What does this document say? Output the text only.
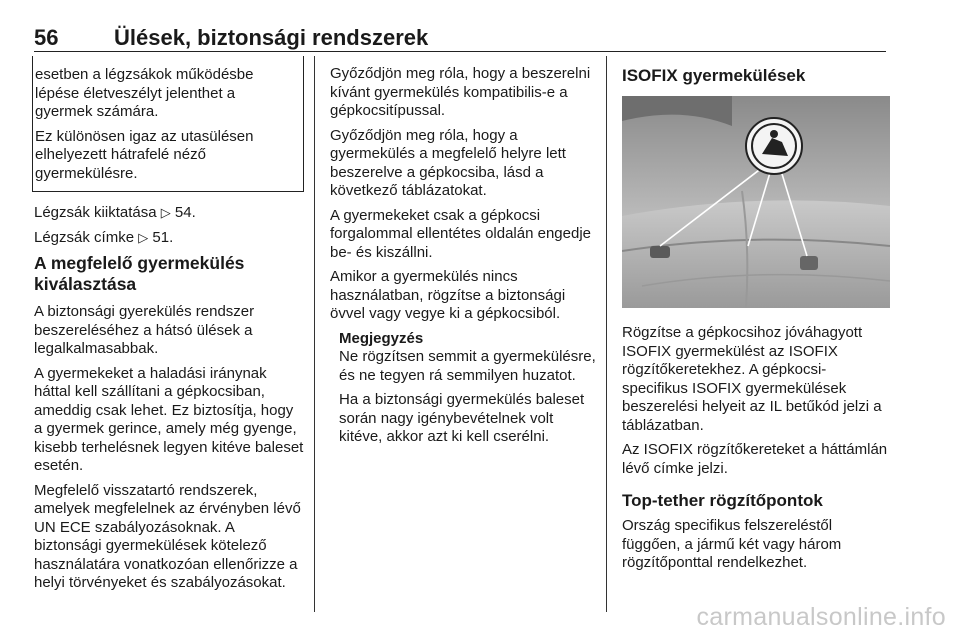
56	Ülések, biztonsági rendszerek

esetben a légzsákok működésbe lépése életveszélyt jelenthet a gyermek számára.

Ez különösen igaz az utasülésen elhelyezett hátrafelé néző gyermekülésre.

Légzsák kiiktatása ▷ 54.

Légzsák címke ▷ 51.

A megfelelő gyermekülés kiválasztása

A biztonsági gyerekülés rendszer beszereléséhez a hátsó ülések a legalkalmasabbak.

A gyermekeket a haladási iránynak háttal kell szállítani a gépkocsiban, ameddig csak lehet. Ez biztosítja, hogy a gyermek gerince, amely még gyenge, kisebb terhelésnek legyen kitéve baleset esetén.

Megfelelő visszatartó rendszerek, amelyek megfelelnek az érvényben lévő UN ECE szabályozásoknak. A biztonsági gyermekülések kötelező használatára vonatkozóan ellenőrizze a helyi törvényeket és szabályozásokat.

Győződjön meg róla, hogy a beszerelni kívánt gyermekülés kompatibilis-e a gépkocsitípussal.

Győződjön meg róla, hogy a gyermekülés a megfelelő helyre lett beszerelve a gépkocsiba, lásd a következő táblázatokat.

A gyermekeket csak a gépkocsi forgalommal ellentétes oldalán engedje be- és kiszállni.

Amikor a gyermekülés nincs használatban, rögzítse a biztonsági övvel vagy vegye ki a gépkocsiból.

Megjegyzés

Ne rögzítsen semmit a gyermekülésre, és ne tegyen rá semmilyen huzatot.

Ha a biztonsági gyermekülés baleset során nagy igénybevételnek volt kitéve, akkor azt ki kell cserélni.

ISOFIX gyermekülések

Rögzítse a gépkocsihoz jóváhagyott ISOFIX gyermekülést az ISOFIX rögzítőkeretekhez. A gépkocsi-specifikus ISOFIX gyermekülések beszerelési helyeit az IL betűkód jelzi a táblázatban.

Az ISOFIX rögzítőkereteket a háttámlán lévő címke jelzi.

Top-tether rögzítőpontok

Ország specifikus felszereléstől függően, a jármű két vagy három rögzítőponttal rendelkezhet.

carmanualsonline.info
